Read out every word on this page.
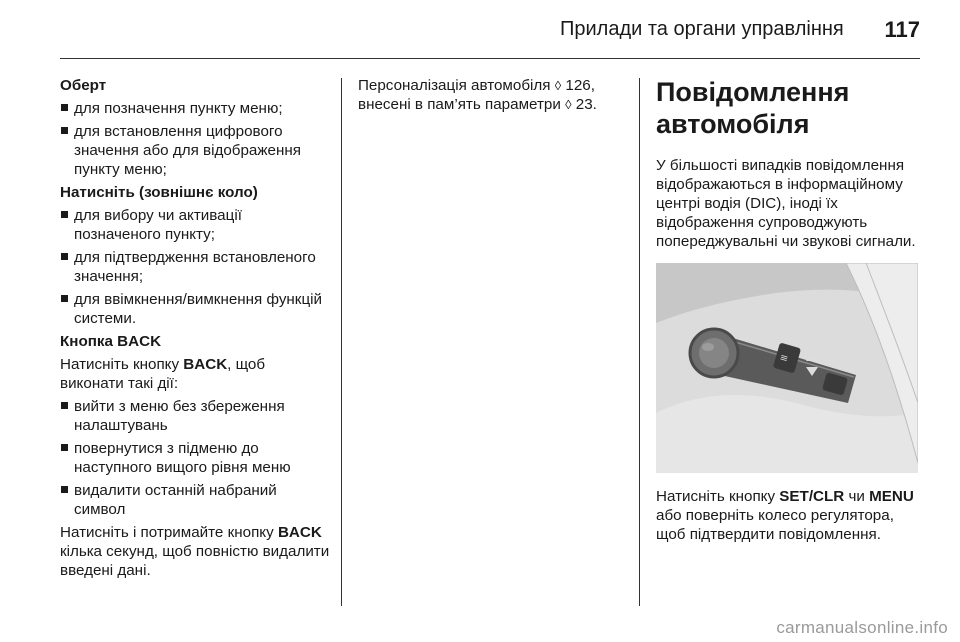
Прилади та органи управління 117
Оберт
для позначення пункту меню;
для встановлення цифрового значення або для відображення пункту меню;
Натисніть (зовнішнє коло)
для вибору чи активації позначеного пункту;
для підтвердження встановленого значення;
для ввімкнення/вимкнення функцій системи.
Кнопка BACK

Натисніть кнопку BACK, щоб виконати такі дії:

вийти з меню без збереження налаштувань
повернутися з підменю до наступного вищого рівня меню
видалити останній набраний символ

Натисніть і потримайте кнопку BACK кількa секунд, щоб повністю видалити введені дані.

Персоналізація автомобіля ◊ 126, внесені в пам’ять параметри ◊ 23.	Повідомлення автомобіля

У більшості випадків повідомлення відображаються в інформаційному центрі водія (DIC), іноді їх відображення супроводжують попереджувальні чи звукові сигнали.

≡

Натисніть кнопку SET/CLR чи MENU або поверніть колесо регулятора, щоб підтвердити повідомлення.

carmanualsonline.info
